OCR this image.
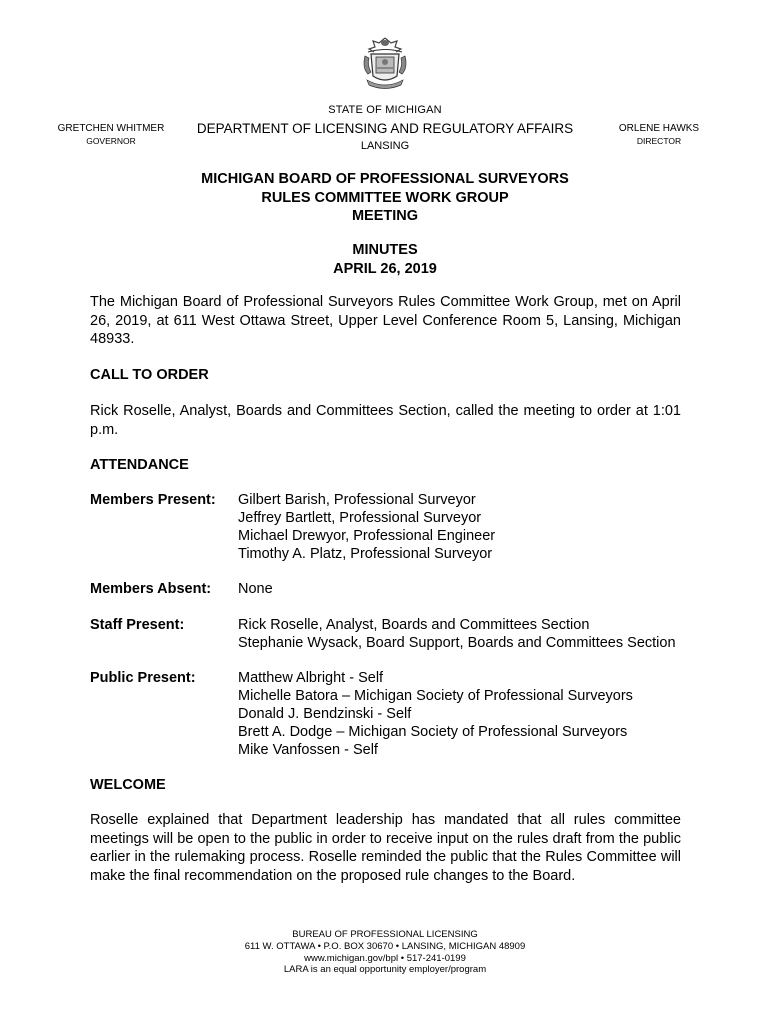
STATE OF MICHIGAN
DEPARTMENT OF LICENSING AND REGULATORY AFFAIRS
LANSING
GRETCHEN WHITMER
GOVERNOR
ORLENE HAWKS
DIRECTOR
MICHIGAN BOARD OF PROFESSIONAL SURVEYORS
RULES COMMITTEE WORK GROUP
MEETING
MINUTES
APRIL 26, 2019
The Michigan Board of Professional Surveyors Rules Committee Work Group, met on April 26, 2019, at 611 West Ottawa Street, Upper Level Conference Room 5, Lansing, Michigan 48933.
CALL TO ORDER
Rick Roselle, Analyst, Boards and Committees Section, called the meeting to order at 1:01 p.m.
ATTENDANCE
Members Present: Gilbert Barish, Professional Surveyor
Jeffrey Bartlett, Professional Surveyor
Michael Drewyor, Professional Engineer
Timothy A. Platz, Professional Surveyor
Members Absent: None
Staff Present:	Rick Roselle, Analyst, Boards and Committees Section
Stephanie Wysack, Board Support, Boards and Committees Section
Public Present:	Matthew Albright - Self
Michelle Batora – Michigan Society of Professional Surveyors
Donald J. Bendzinski - Self
Brett A. Dodge – Michigan Society of Professional Surveyors
Mike Vanfossen - Self
WELCOME
Roselle explained that Department leadership has mandated that all rules committee meetings will be open to the public in order to receive input on the rules draft from the public earlier in the rulemaking process. Roselle reminded the public that the Rules Committee will make the final recommendation on the proposed rule changes to the Board.
BUREAU OF PROFESSIONAL LICENSING
611 W. OTTAWA • P.O. BOX 30670 • LANSING, MICHIGAN 48909
www.michigan.gov/bpl • 517-241-0199
LARA is an equal opportunity employer/program
